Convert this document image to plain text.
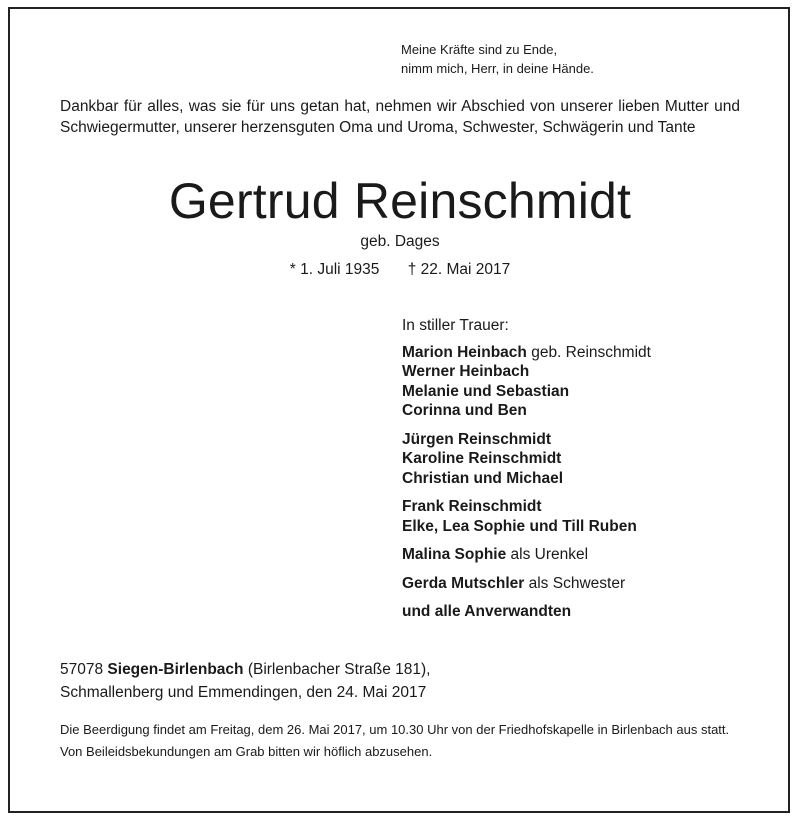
Meine Kräfte sind zu Ende,
nimm mich, Herr, in deine Hände.
Dankbar für alles, was sie für uns getan hat, nehmen wir Abschied von unserer lieben Mutter und Schwiegermutter, unserer herzensguten Oma und Uroma, Schwester, Schwägerin und Tante
Gertrud Reinschmidt
geb. Dages
* 1. Juli 1935 † 22. Mai 2017
In stiller Trauer:
Marion Heinbach geb. Reinschmidt
Werner Heinbach
Melanie und Sebastian
Corinna und Ben
Jürgen Reinschmidt
Karoline Reinschmidt
Christian und Michael
Frank Reinschmidt
Elke, Lea Sophie und Till Ruben
Malina Sophie als Urenkel
Gerda Mutschler als Schwester
und alle Anverwandten
57078 Siegen-Birlenbach (Birlenbacher Straße 181),
Schmallenberg und Emmendingen, den 24. Mai 2017
Die Beerdigung findet am Freitag, dem 26. Mai 2017, um 10.30 Uhr von der Friedhofskapelle in Birlenbach aus statt.
Von Beileidsbekundungen am Grab bitten wir höflich abzusehen.
